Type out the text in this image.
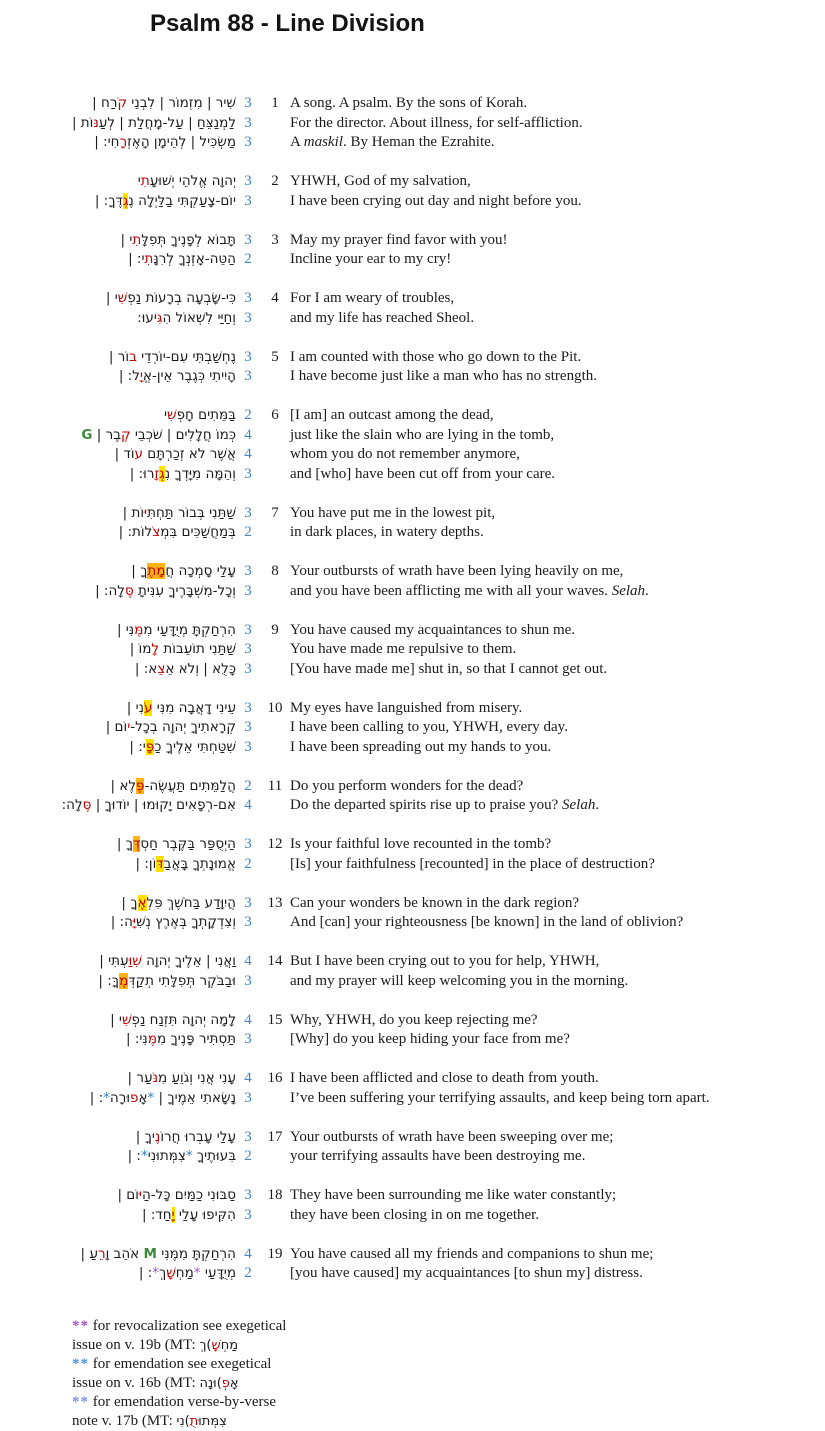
Psalm 88 - Line Division
שִׁיר | מִזְמוֹר | לִבְנֵי קֹרַח |	3	1 A song. A psalm. By the sons of Korah.
לַמְנַצֵּחַ | עַל-מָחֲלַת | לְעַנּוֹת |	3	For the director. About illness, for self-affliction.
מַשְׂכִּיל | לְהֵימָן הָאֶזְרָחִי: |	3	A maskil. By Heman the Ezrahite.
יְהוָה אֱלֹהֵי יְשׁוּעָתִי	3	2 YHWH, God of my salvation,
יוֹם-צָעַקְתִּי בַלַּיְלָה נֶגְדֶּךָ: |	3	I have been crying out day and night before you.
תָּבוֹא לְפָנֶיךָ תְּפִלָּתִי |	3	3 May my prayer find favor with you!
הַטֵּה-אָזְנְךָ לְרִנָּתִי: |	2	Incline your ear to my cry!
כִּי-שָׂבְעָה בְרָעוֹת נַפְשִׁי |	3	4 For I am weary of troubles,
וְחַיַּי לִשְׁאוֹל הִגִּיעוּ:	3	and my life has reached Sheol.
נֶחְשַׁבְתִּי עִם-יוֹרְדֵי בוֹר |	3	5 I am counted with those who go down to the Pit.
הָיִיתִי כְּגֶבֶר אֵין-אֱיָל: |	3	I have become just like a man who has no strength.
בַּמֵּתִים חָפְשִׁי	2	6 [I am] an outcast among the dead,
כְּמוֹ חֲלָלִים | שֹׁכְבֵי קֶבֶר | G	4	just like the slain who are lying in the tomb,
אֲשֶׁר לֹא זְכַרְתָּם עוֹד |	4	whom you do not remember anymore,
וְהֵמָּה מִיָּדְךָ נִגְזָרוּ: |	3	and [who] have been cut off from your care.
שַׁתַּנִי בְּבוֹר תַּחְתִּיּוֹת |	3	7 You have put me in the lowest pit,
בְּמַחֲשַׁכִּים בִּמְצֹלוֹת: |	2	in dark places, in watery depths.
עָלַי סָמְכָה חֲמָתֶךָ |	3	8 Your outbursts of wrath have been lying heavily on me,
וְכָל-מִשְׁבָּרֶיךָ עִנִּיתָ סֶּלָה: |	3	and you have been afflicting me with all your waves. Selah.
הִרְחַקְתָּ מְיֻדָּעַי מִמֶּנִּי |	3	9 You have caused my acquaintances to shun me.
שַׁתַּנִי תוֹעֵבוֹת לָמוֹ |	3	You have made me repulsive to them.
כָּלֻא | וְלֹא אֵצֵא: |	3	[You have made me] shut in, so that I cannot get out.
עֵינִי דָאֲבָה מִנִּי עֹנִי |	3	10 My eyes have languished from misery.
קְרָאתִיךָ יְהוָה בְכָל-יוֹם |	3	I have been calling to you, YHWH, every day.
שִׁטַּחְתִּי אֵלֶיךָ כַפָּי: |	3	I have been spreading out my hands to you.
הֲלַמֵּתִים תַּעֲשֶׂה-פֶּלֶא |	2	11 Do you perform wonders for the dead?
אִם-רְפָאִים יָקוּמוּ | יוֹדוּךָ | סֶּלָה:	4	Do the departed spirits rise up to praise you? Selah.
הַיְסֻפַּר בַּקֶּבֶר חַסְדֶּךָ |	3	12 Is your faithful love recounted in the tomb?
אֱמוּנָתְךָ בָּאֲבַדּוֹן: |	2	[Is] your faithfulness [recounted] in the place of destruction?
הֲיִוָּדַע בַּחֹשֶׁךְ פִּלְאֶךָ |	3	13 Can your wonders be known in the dark region?
וְצִדְקָתְךָ בְּאֶרֶץ נְשִׁיָּה: |	3	And [can] your righteousness [be known] in the land of oblivion?
וַאֲנִי | אֵלֶיךָ יְהוָה שִׁוַּעְתִּי |	4	14 But I have been crying out to you for help, YHWH,
וּבַבֹּקֶר תְּפִלָּתִי תְקַדְּמֶךָּ: |	3	and my prayer will keep welcoming you in the morning.
לָמָה יְהוָה תִּזְנַח נַפְשִׁי |	4	15 Why, YHWH, do you keep rejecting me?
תַּסְתִּיר פָּנֶיךָ מִמֶּנִּי: |	3	[Why] do you keep hiding your face from me?
עָנִי אֲנִי וְגֹוֵעַ מִנֹּעַר |	4	16 I have been afflicted and close to death from youth.
נָשָׂאתִי אֵמֶיךָ | *אָפוּרָה*: |	3	I’ve been suffering your terrifying assaults, and keep being torn apart.
עָלַי עָבְרוּ חֲרוֹנֶיךָ |	3	17 Your outbursts of wrath have been sweeping over me;
בִּעוּתֶיךָ *צִמְּתוּנִי*: |	2	your terrifying assaults have been destroying me.
סַבּוּנִי כַמַּיִם כָּל-הַיּוֹם |	3	18 They have been surrounding me like water constantly;
הִקִּיפוּ עָלַי יָחַד: |	3	they have been closing in on me together.
הִרְחַקְתָּ מִמֶּנִּי M אֹהֵב וָרֵעַ |	4	19 You have caused all my friends and companions to shun me;
מְיֻדָּעַי *מַחְשָׁךְ*: |	2	[you have caused] my acquaintances [to shun my] distress.
** for revocalization see exegetical
issue on v. 19b (MT: מַחְשָׁ)ךְ
** for emendation see exegetical
issue on v. 16b (MT: אָפְ)וּנָה
** for emendation verse-by-verse
note v. 17b (MT: צִמְּתוּתֻ)נִי
